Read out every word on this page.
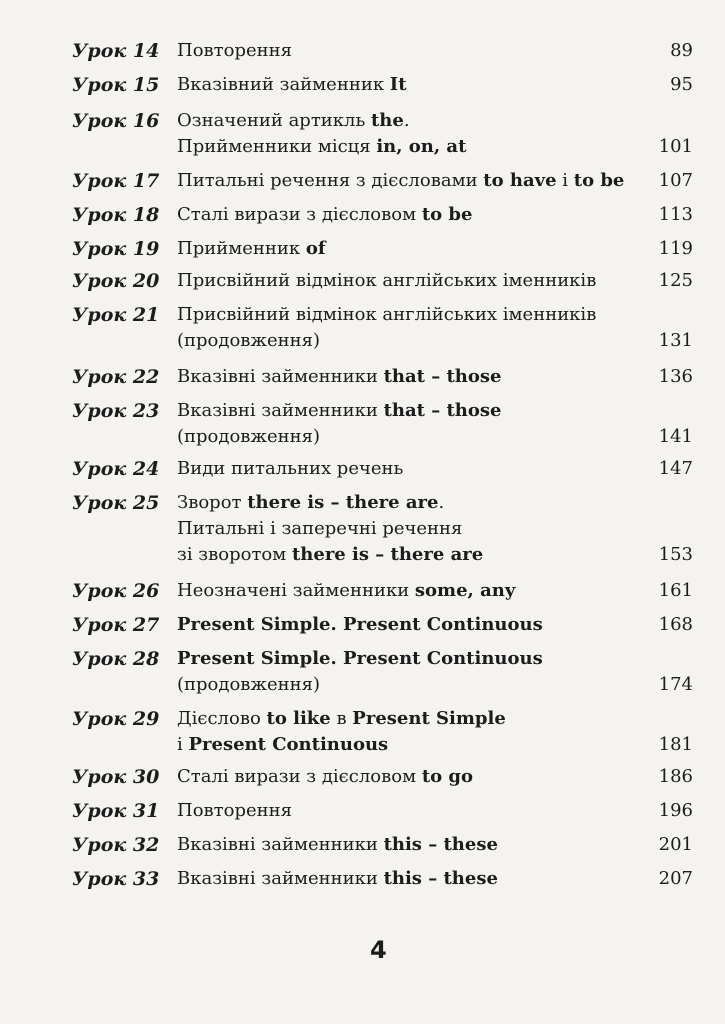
Урок 14 Повторення	89
Урок 15 Вказівний займенник It	95
Урок 16 Означений артикль the.
Прийменники місця in, on, at	101
Урок 17 Питальні речення з дієсловами to have і to be 107
Урок 18 Сталі вирази з дієсловом to be	113
Урок 19 Прийменник of	119
Урок 20 Присвійний відмінок англійських іменників	125
Урок 21 Присвійний відмінок англійських іменників
(продовження)	131
Урок 22 Вказівні займенники that – those	136
Урок 23 Вказівні займенники that – those
(продовження)	141
Урок 24 Види питальних речень	147
Урок 25 Зворот there is – there are.
Питальні і заперечні речення
зі зворотом there is – there are	153
Урок 26 Неозначені займенники some, any	161
Урок 27 Present Simple. Present Continuous	168
Урок 28 Present Simple. Present Continuous
(продовження)	174
Урок 29 Дієслово to like в Present Simple
і Present Continuous	181
Урок 30 Сталі вирази з дієсловом to go	186
Урок 31 Повторення	196
Урок 32 Вказівні займенники this – these	201
Урок 33 Вказівні займенники this – these	207
4
